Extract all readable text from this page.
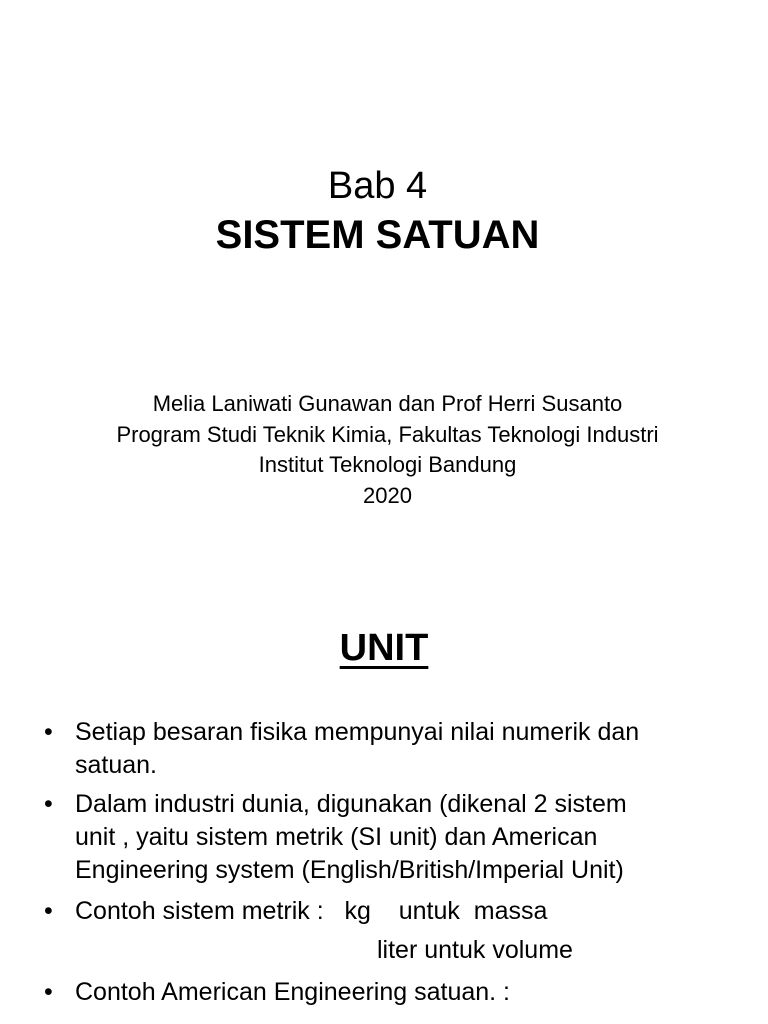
Bab 4
SISTEM SATUAN
Melia Laniwati Gunawan dan Prof Herri Susanto
Program Studi Teknik Kimia, Fakultas Teknologi Industri
Institut Teknologi Bandung
2020
UNIT
• Setiap besaran fisika mempunyai nilai numerik dan
satuan.
• Dalam industri dunia, digunakan (dikenal 2 sistem
unit , yaitu sistem metrik (SI unit) dan American
Engineering system (English/British/Imperial Unit)
• Contoh sistem metrik :   kg    untuk  massa
liter untuk volume
• Contoh American Engineering satuan. :
